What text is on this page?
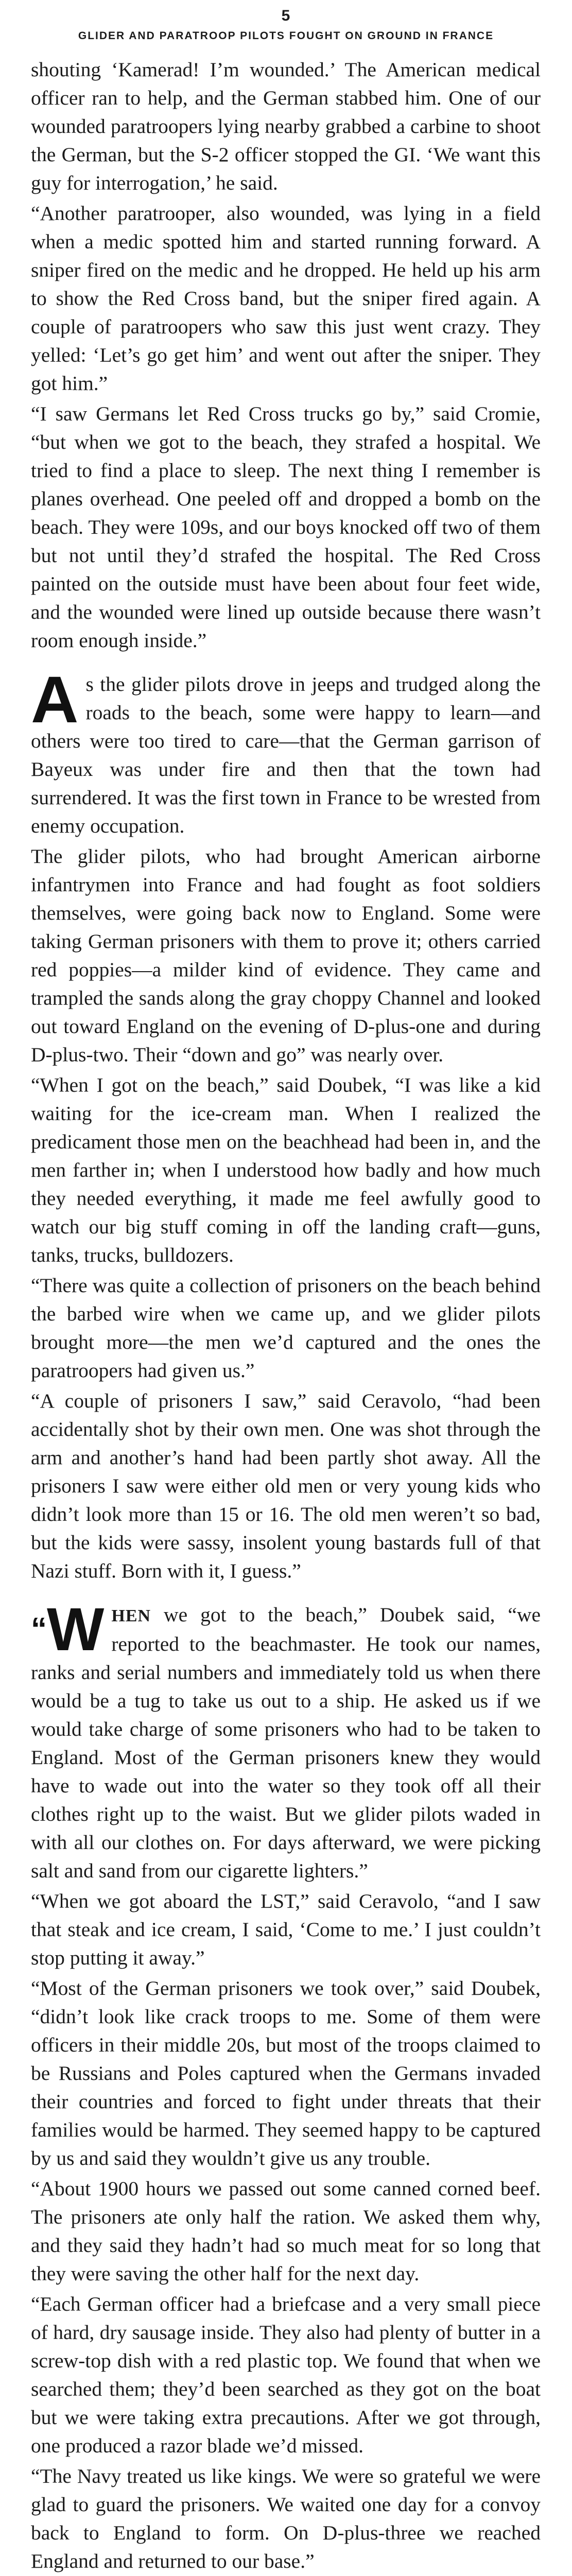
5
GLIDER AND PARATROOP PILOTS FOUGHT ON GROUND IN FRANCE

shouting ‘Kamerad! I’m wounded.’ The American medical officer ran to help, and the German stabbed him. One of our wounded paratroopers lying nearby grabbed a carbine to shoot the German, but the S-2 officer stopped the GI. ‘We want this guy for interrogation,’ he said.

“Another paratrooper, also wounded, was lying in a field when a medic spotted him and started running forward. A sniper fired on the medic and he dropped. He held up his arm to show the Red Cross band, but the sniper fired again. A couple of paratroopers who saw this just went crazy. They yelled: ‘Let’s go get him’ and went out after the sniper. They got him.”

“I saw Germans let Red Cross trucks go by,” said Cromie, “but when we got to the beach, they strafed a hospital. We tried to find a place to sleep. The next thing I remember is planes overhead. One peeled off and dropped a bomb on the beach. They were 109s, and our boys knocked off two of them but not until they’d strafed the hospital. The Red Cross painted on the outside must have been about four feet wide, and the wounded were lined up outside because there wasn’t room enough inside.”

As the glider pilots drove in jeeps and trudged along the roads to the beach, some were happy to learn—and others were too tired to care—that the German garrison of Bayeux was under fire and then that the town had surrendered. It was the first town in France to be wrested from enemy occupation.

The glider pilots, who had brought American airborne infantrymen into France and had fought as foot soldiers themselves, were going back now to England. Some were taking German prisoners with them to prove it; others carried red poppies—a milder kind of evidence. They came and trampled the sands along the gray choppy Channel and looked out toward England on the evening of D-plus-one and during D-plus-two. Their “down and go” was nearly over.

“When I got on the beach,” said Doubek, “I was like a kid waiting for the ice-cream man. When I realized the predicament those men on the beachhead had been in, and the men farther in; when I understood how badly and how much they needed everything, it made me feel awfully good to watch our big stuff coming in off the landing craft—guns, tanks, trucks, bulldozers.

“There was quite a collection of prisoners on the beach behind the barbed wire when we came up, and we glider pilots brought more—the men we’d captured and the ones the paratroopers had given us.”

“A couple of prisoners I saw,” said Ceravolo, “had been accidentally shot by their own men. One was shot through the arm and another’s hand had been partly shot away. All the prisoners I saw were either old men or very young kids who didn’t look more than 15 or 16. The old men weren’t so bad, but the kids were sassy, insolent young bastards full of that Nazi stuff. Born with it, I guess.”

“W HEN we got to the beach,” Doubek said, “we reported to the beachmaster. He took our names, ranks and serial numbers and immediately told us when there would be a tug to take us out to a ship. He asked us if we would take charge of some prisoners who had to be taken to England. Most of the German prisoners knew they would have to wade out into the water so they took off all their clothes right up to the waist. But we glider pilots waded in with all our clothes on. For days afterward, we were picking salt and sand from our cigarette lighters.”

“When we got aboard the LST,” said Ceravolo, “and I saw that steak and ice cream, I said, ‘Come to me.’ I just couldn’t stop putting it away.”

“Most of the German prisoners we took over,” said Doubek, “didn’t look like crack troops to me. Some of them were officers in their middle 20s, but most of the troops claimed to be Russians and Poles captured when the Germans invaded their countries and forced to fight under threats that their families would be harmed. They seemed happy to be captured by us and said they wouldn’t give us any trouble.

“About 1900 hours we passed out some canned corned beef. The prisoners ate only half the ration. We asked them why, and they said they hadn’t had so much meat for so long that they were saving the other half for the next day.

“Each German officer had a briefcase and a very small piece of hard, dry sausage inside. They also had plenty of butter in a screw-top dish with a red plastic top. We found that when we searched them; they’d been searched as they got on the boat but we were taking extra precautions. After we got through, one produced a razor blade we’d missed.

“The Navy treated us like kings. We were so grateful we were glad to guard the prisoners. We waited one day for a convoy back to England to form. On D-plus-three we reached England and returned to our base.”
